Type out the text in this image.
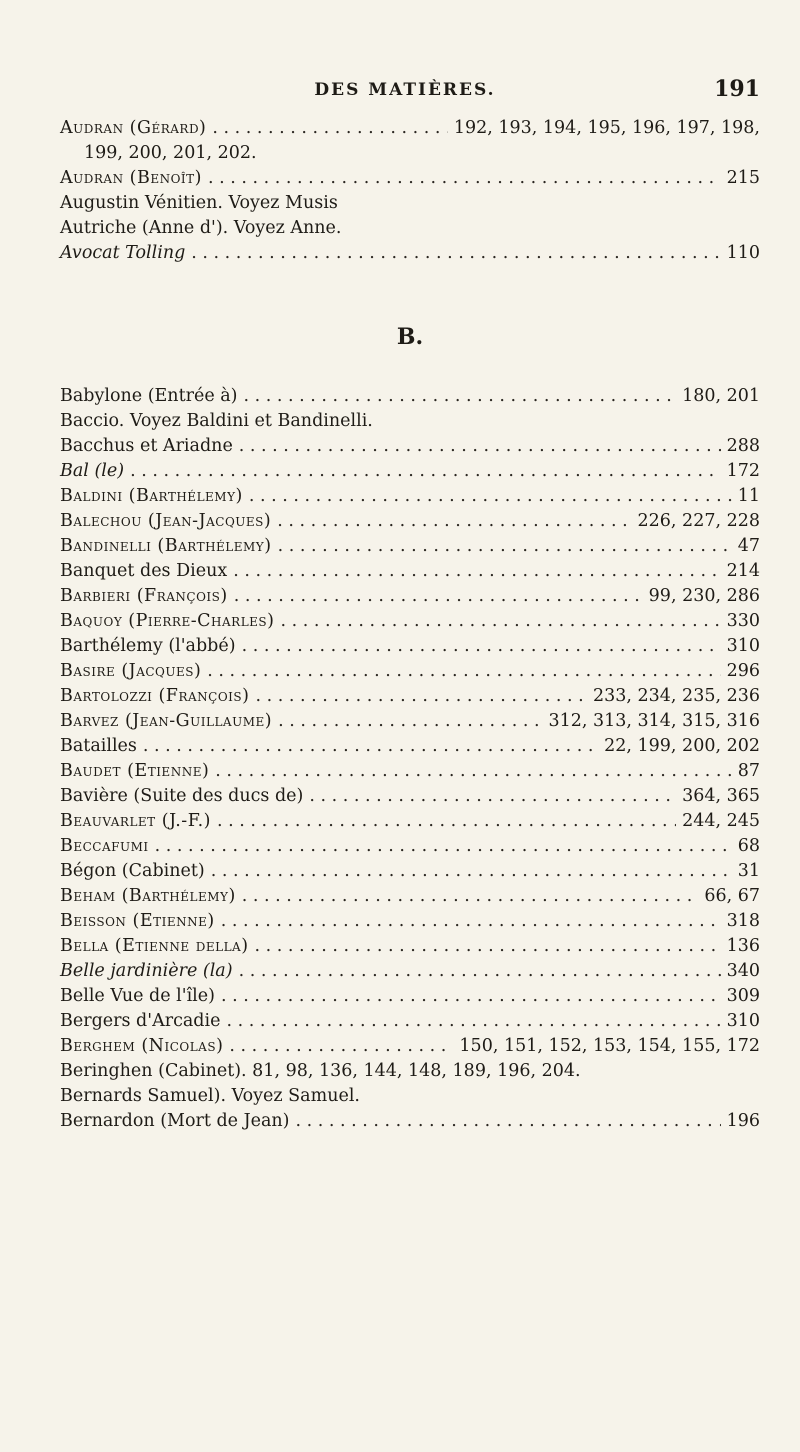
DES MATIÈRES.	191
Audran (Gérard) . . .	192, 193, 194, 195, 196, 197, 198,
199, 200, 201, 202.
Audran (Benoît) . . .	215
Augustin Vénitien. Voyez Musis
Autriche (Anne d'). Voyez Anne.
Avocat Tolling . . .	110
B.
Babylone (Entrée à) . . .	180, 201
Baccio. Voyez Baldini et Bandinelli.
Bacchus et Ariadne . . .	288
Bal (le) . . .	172
Baldini (Barthélemy) . . .	11
Balechou (Jean-Jacques) . . .	226, 227, 228
Bandinelli (Barthélemy) . . .	47
Banquet des Dieux . . .	214
Barbieri (François) . . .	99, 230, 286
Baquoy (Pierre-Charles) . . .	330
Barthélemy (l'abbé) . . .	310
Basire (Jacques) . . .	296
Bartolozzi (François) . . .	233, 234, 235, 236
Barvez (Jean-Guillaume) . . .	312, 313, 314, 315, 316
Batailles . . .	22, 199, 200, 202
Baudet (Etienne) . . .	87
Bavière (Suite des ducs de) . . .	364, 365
Beauvarlet (J.-F.) . . .	244, 245
Beccafumi . . .	68
Bégon (Cabinet) . . .	31
Beham (Barthélemy) . . .	66, 67
Beisson (Etienne) . . .	318
Bella (Etienne della) . . .	136
Belle jardinière (la) . . .	340
Belle Vue de l'île) . . .	309
Bergers d'Arcadie . . .	310
Berghem (Nicolas) . . .	150, 151, 152, 153, 154, 155, 172
Beringhen (Cabinet). 81, 98, 136, 144, 148, 189, 196, 204.
Bernards Samuel). Voyez Samuel.
Bernardon (Mort de Jean) . . .	196
